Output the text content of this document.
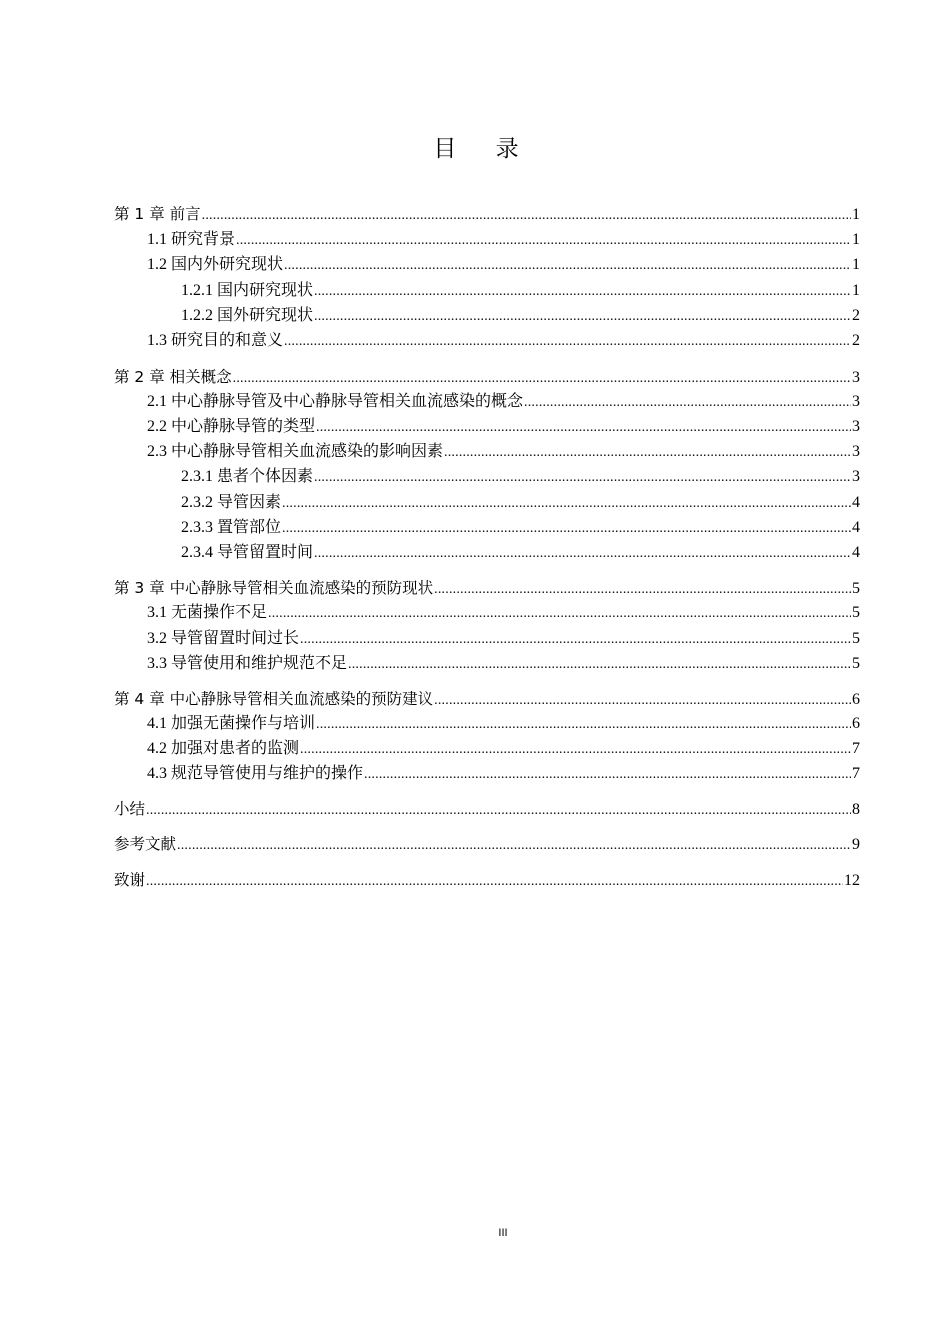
目 录
第 1 章 前言 .....	1
1.1 研究背景 .....	1
1.2 国内外研究现状 .....	1
1.2.1 国内研究现状 .....	1
1.2.2 国外研究现状 .....	2
1.3 研究目的和意义 .....	2
第 2 章 相关概念 .....	3
2.1 中心静脉导管及中心静脉导管相关血流感染的概念 .....	3
2.2 中心静脉导管的类型 .....	3
2.3 中心静脉导管相关血流感染的影响因素 .....	3
2.3.1 患者个体因素 .....	3
2.3.2 导管因素 .....	4
2.3.3 置管部位 .....	4
2.3.4 导管留置时间 .....	4
第 3 章 中心静脉导管相关血流感染的预防现状 .....	5
3.1 无菌操作不足 .....	5
3.2 导管留置时间过长 .....	5
3.3 导管使用和维护规范不足 .....	5
第 4 章 中心静脉导管相关血流感染的预防建议 .....	6
4.1 加强无菌操作与培训 .....	6
4.2 加强对患者的监测 .....	7
4.3 规范导管使用与维护的操作 .....	7
小结 .....	8
参考文献 .....	9
致谢 .....	12
III
